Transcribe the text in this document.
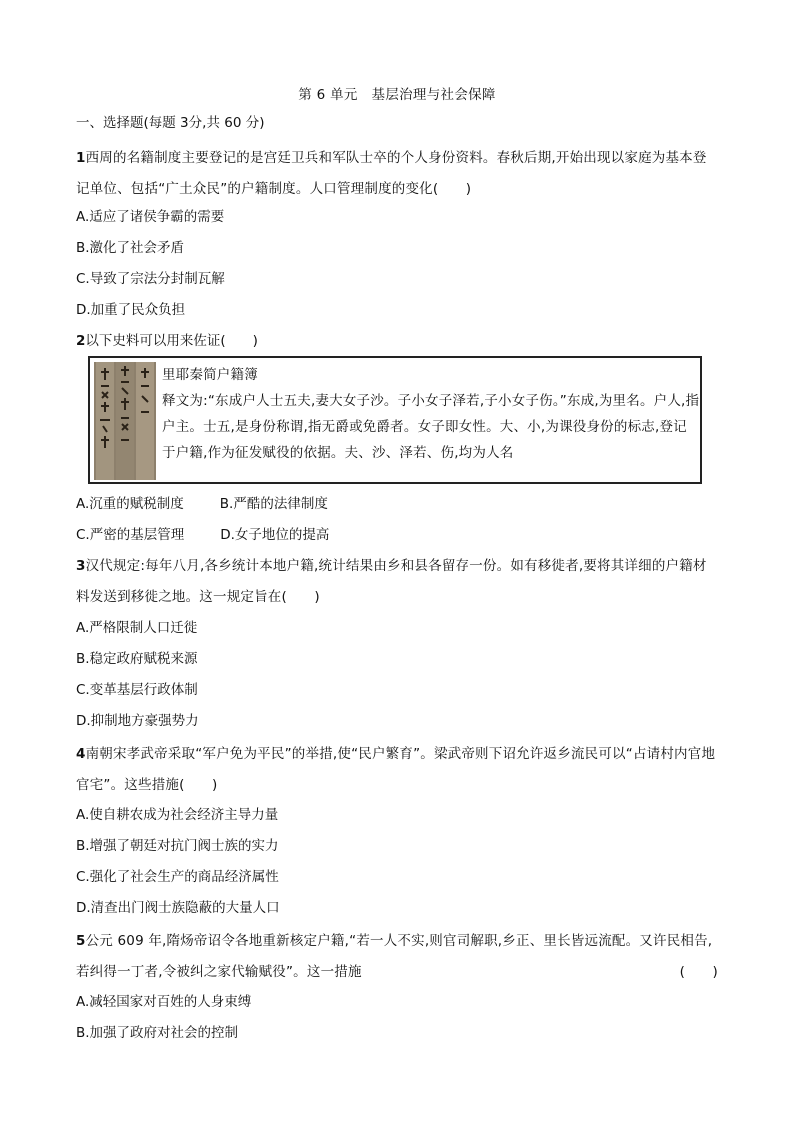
第 6 单元　基层治理与社会保障
一、选择题(每题 3分,共 60 分)
1西周的名籍制度主要登记的是宫廷卫兵和军队士卒的个人身份资料。春秋后期,开始出现以家庭为基本登记单位、包括“广土众民”的户籍制度。人口管理制度的变化(　　)
A.适应了诸侯争霸的需要
B.激化了社会矛盾
C.导致了宗法分封制瓦解
D.加重了民众负担
2以下史料可以用来佐证(　　)
里耶秦简户籍簿
释文为:“东成户人士五夫,妻大女子沙。子小女子泽若,子小女子伤。”东成,为里名。户人,指户主。士五,是身份称谓,指无爵或免爵者。女子即女性。大、小,为课役身份的标志,登记于户籍,作为征发赋役的依据。夫、沙、泽若、伤,均为人名
A.沉重的赋税制度	B.严酷的法律制度
C.严密的基层管理	D.女子地位的提高
3汉代规定:每年八月,各乡统计本地户籍,统计结果由乡和县各留存一份。如有移徙者,要将其详细的户籍材料发送到移徙之地。这一规定旨在(　　)
A.严格限制人口迁徙
B.稳定政府赋税来源
C.变革基层行政体制
D.抑制地方豪强势力
4南朝宋孝武帝采取“军户免为平民”的举措,使“民户繁育”。梁武帝则下诏允许返乡流民可以“占请村内官地官宅”。这些措施(　　)
A.使自耕农成为社会经济主导力量
B.增强了朝廷对抗门阀士族的实力
C.强化了社会生产的商品经济属性
D.清查出门阀士族隐蔽的大量人口
5公元 609 年,隋炀帝诏令各地重新核定户籍,“若一人不实,则官司解职,乡正、里长皆远流配。又许民相告,若纠得一丁者,令被纠之家代输赋役”。这一措施	(　　)
A.减轻国家对百姓的人身束缚
B.加强了政府对社会的控制
